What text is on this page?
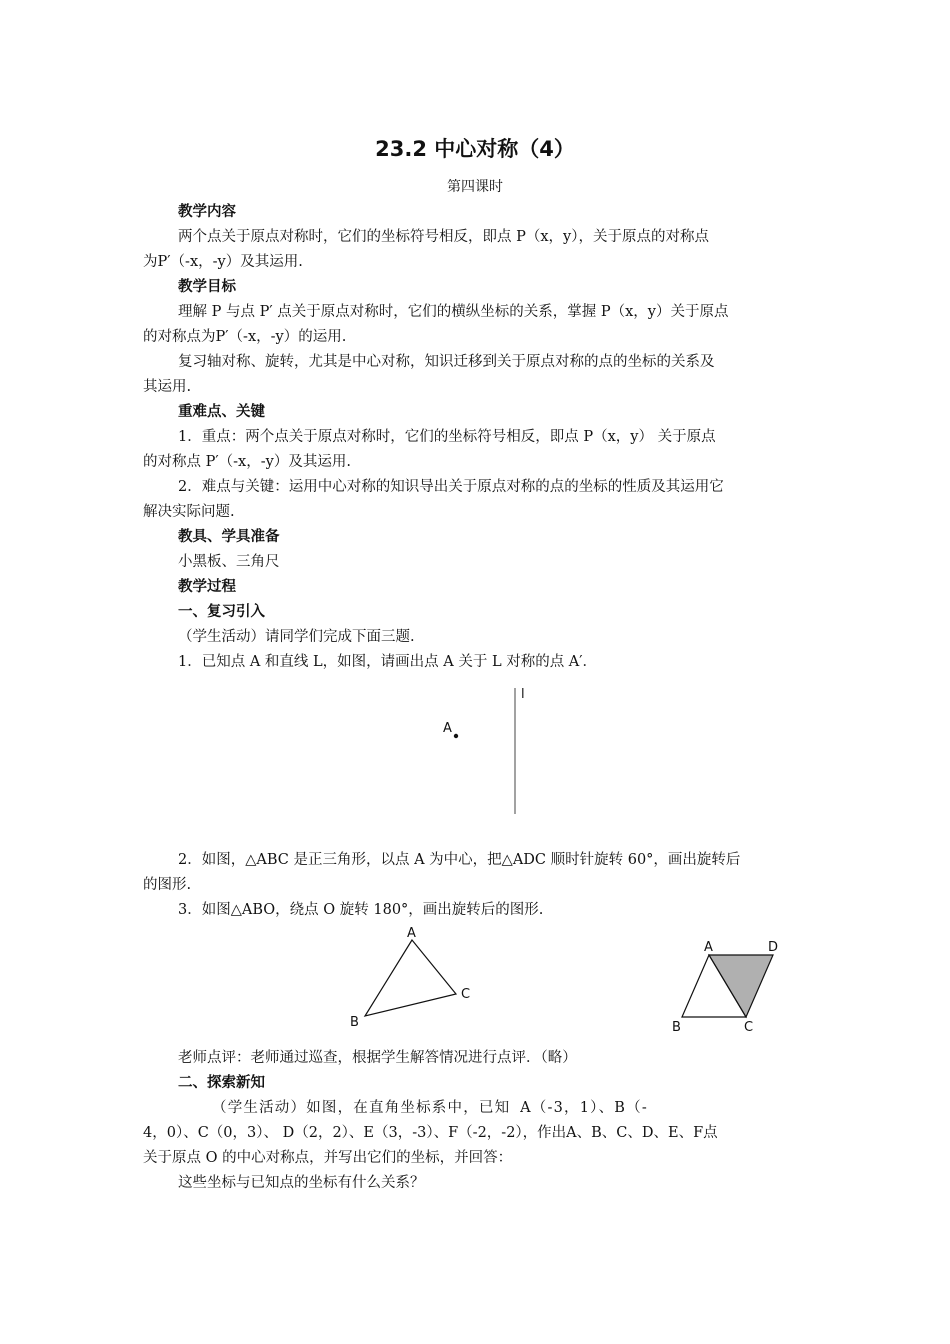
23.2 中心对称（4）
第四课时
教学内容
两个点关于原点对称时，它们的坐标符号相反，即点 P（x，y），关于原点的对称点
为P′（-x，-y）及其运用.
教学目标
理解 P 与点 P′ 点关于原点对称时，它们的横纵坐标的关系，掌握 P（x，y）关于原点
的对称点为P′（-x，-y）的运用.
复习轴对称、旋转，尤其是中心对称，知识迁移到关于原点对称的点的坐标的关系及
其运用.
重难点、关键
1．重点：两个点关于原点对称时，它们的坐标符号相反，即点 P（x，y） 关于原点
的对称点 P′（-x，-y）及其运用.
2．难点与关键：运用中心对称的知识导出关于原点对称的点的坐标的性质及其运用它
解决实际问题.
教具、学具准备
小黑板、三角尺
教学过程
一、复习引入
（学生活动）请同学们完成下面三题.
1．已知点 A 和直线 L，如图，请画出点 A 关于 L 对称的点 A′．
l
A
2．如图，△ABC 是正三角形，以点 A 为中心，把△ADC 顺时针旋转 60°，画出旋转后
的图形.
3．如图△ABO，绕点 O 旋转 180°，画出旋转后的图形.
A
B
C
A	D
B	C
老师点评：老师通过巡查，根据学生解答情况进行点评．（略）
二、探索新知
（学生活动）如图，在直角坐标系中，已知 A（-3，1）、B（-
4，0）、C（0，3）、 D（2，2）、E（3，-3）、F（-2，-2），作出A、B、C、D、E、F点
关于原点 O 的中心对称点，并写出它们的坐标，并回答：
这些坐标与已知点的坐标有什么关系？
